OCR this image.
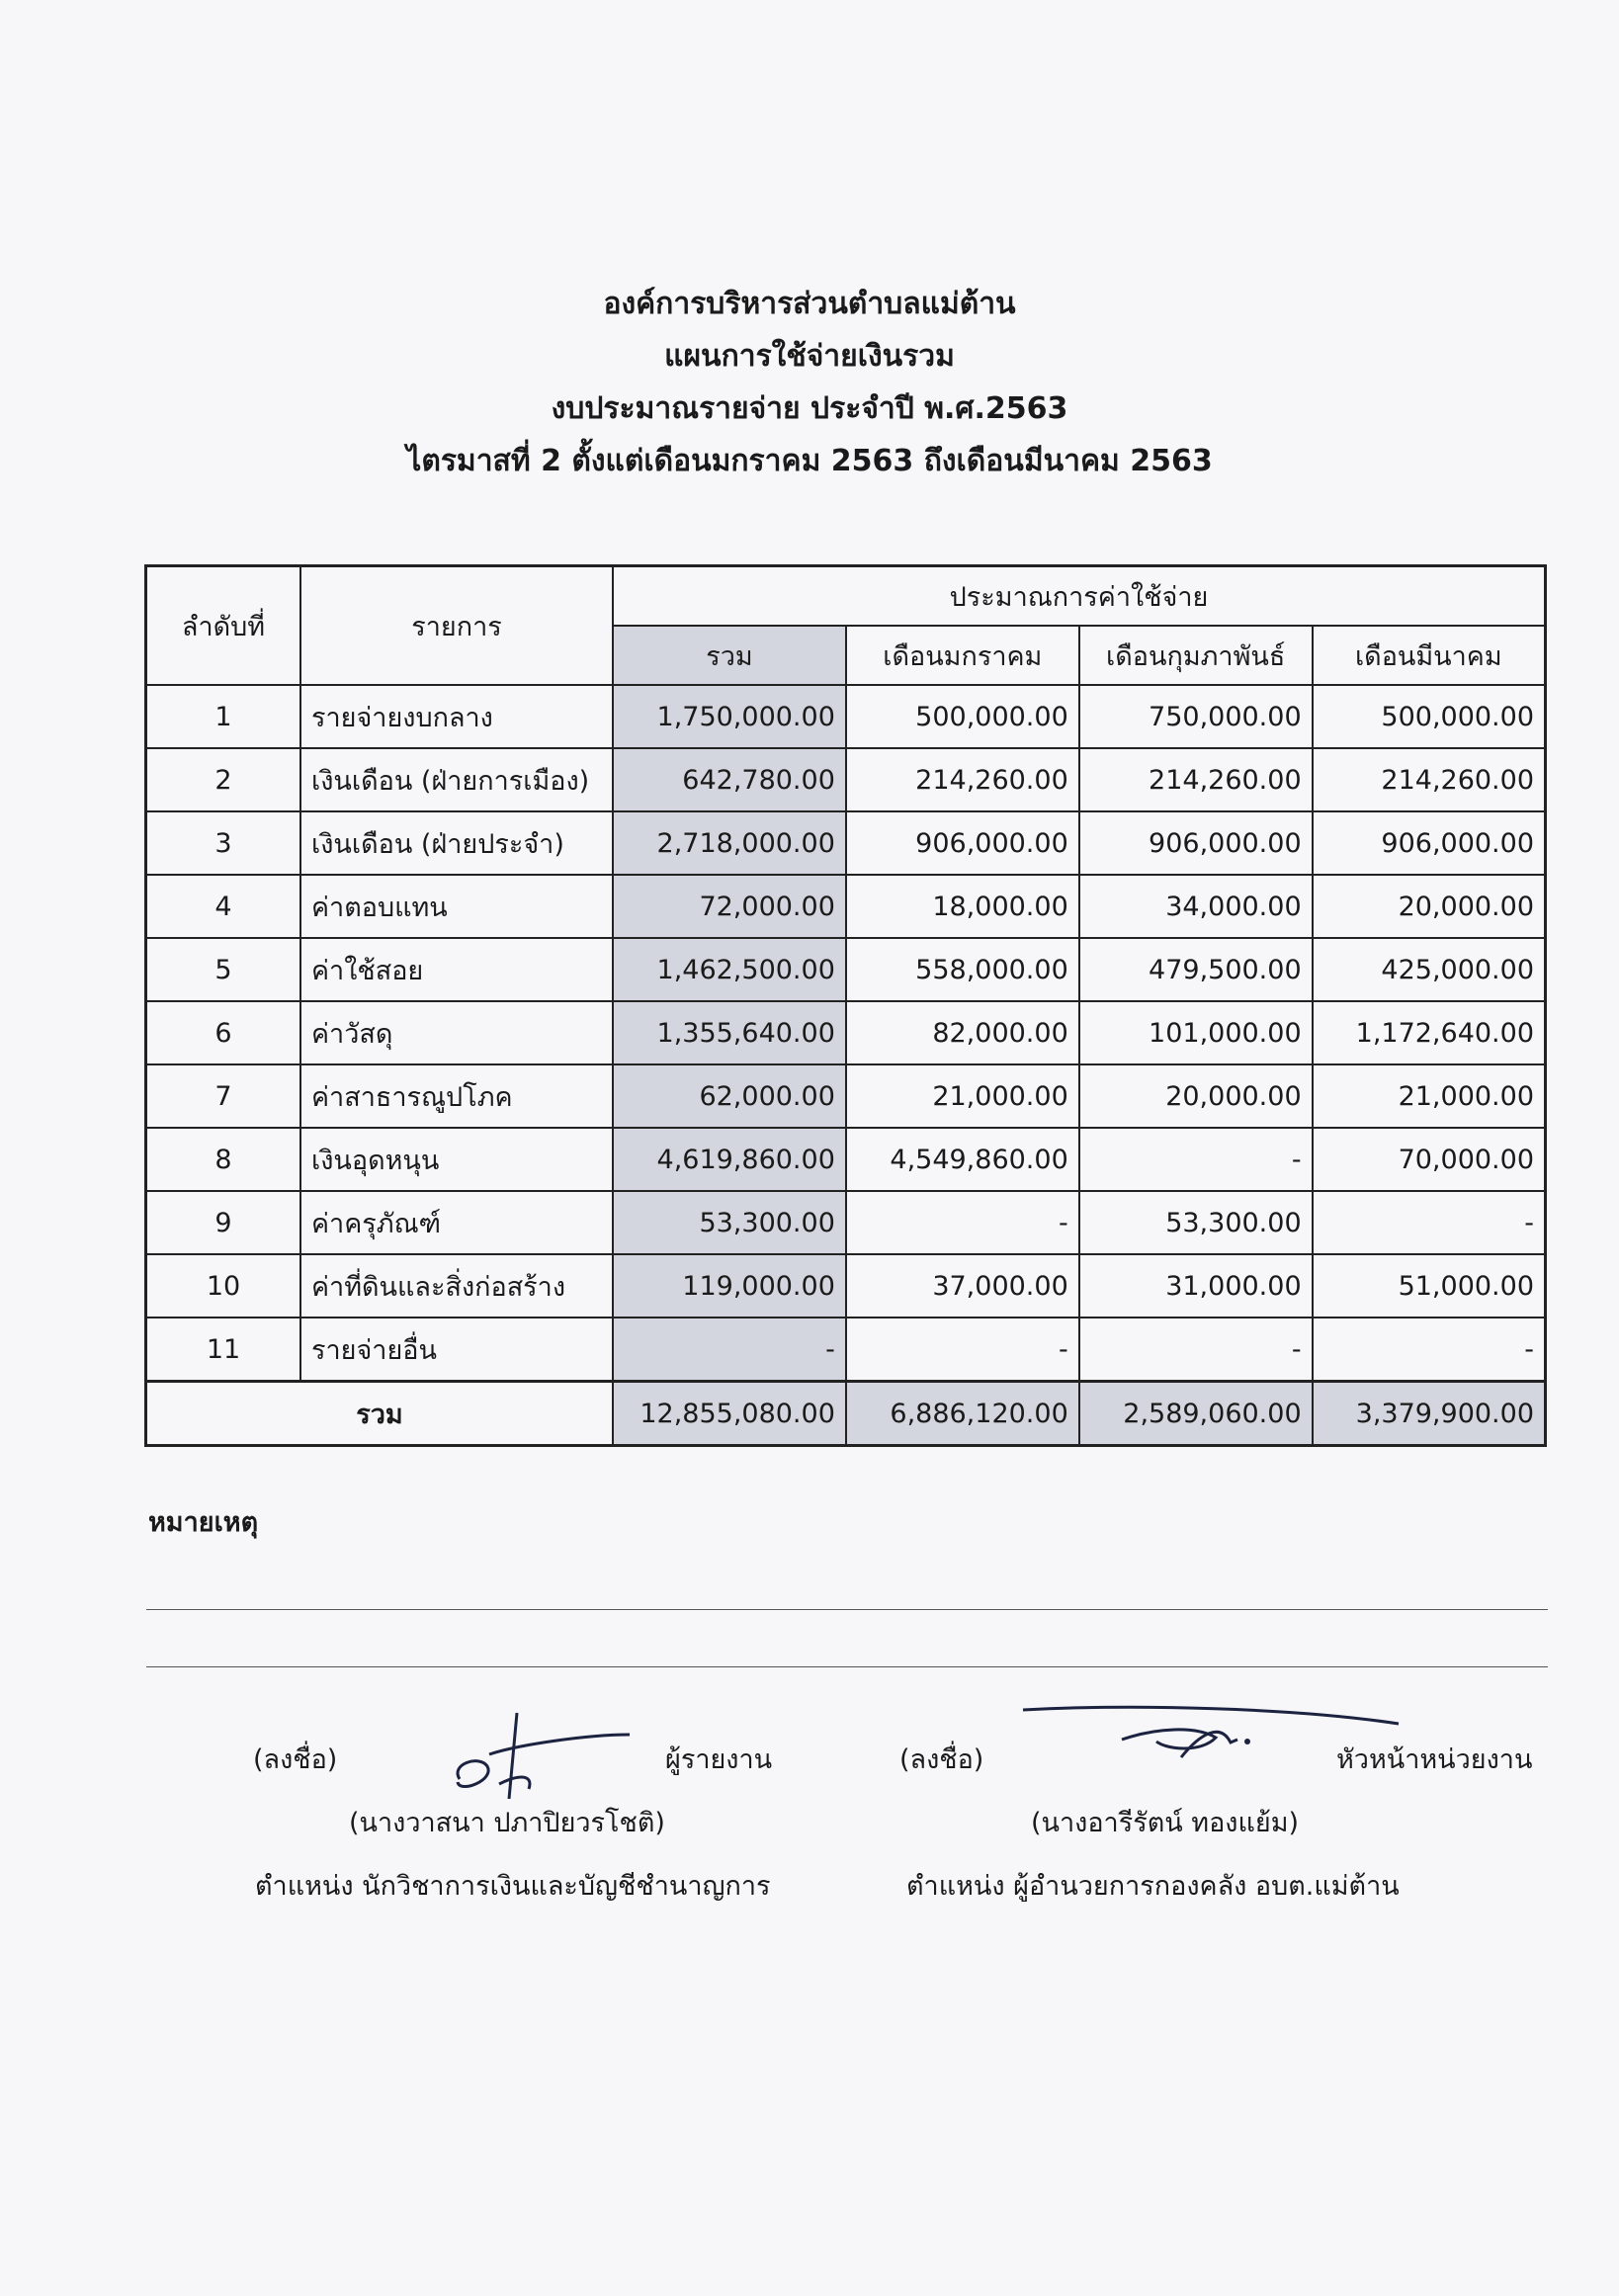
องค์การบริหารส่วนตำบลแม่ต้าน
แผนการใช้จ่ายเงินรวม
งบประมาณรายจ่าย ประจำปี พ.ศ.2563
ไตรมาสที่ 2 ตั้งแต่เดือนมกราคม 2563 ถึงเดือนมีนาคม 2563
ลำดับที่	รายการ	ประมาณการค่าใช้จ่าย			
		รวม	เดือนมกราคม	เดือนกุมภาพันธ์	เดือนมีนาคม
1	รายจ่ายงบกลาง	1,750,000.00	500,000.00	750,000.00	500,000.00
2	เงินเดือน (ฝ่ายการเมือง)	642,780.00	214,260.00	214,260.00	214,260.00
3	เงินเดือน (ฝ่ายประจำ)	2,718,000.00	906,000.00	906,000.00	906,000.00
4	ค่าตอบแทน	72,000.00	18,000.00	34,000.00	20,000.00
5	ค่าใช้สอย	1,462,500.00	558,000.00	479,500.00	425,000.00
6	ค่าวัสดุ	1,355,640.00	82,000.00	101,000.00	1,172,640.00
7	ค่าสาธารณูปโภค	62,000.00	21,000.00	20,000.00	21,000.00
8	เงินอุดหนุน	4,619,860.00	4,549,860.00	-	70,000.00
9	ค่าครุภัณฑ์	53,300.00	-	53,300.00	-
10	ค่าที่ดินและสิ่งก่อสร้าง	119,000.00	37,000.00	31,000.00	51,000.00
11	รายจ่ายอื่น	-	-	-	-
รวม		12,855,080.00	6,886,120.00	2,589,060.00	3,379,900.00
หมายเหตุ
(ลงชื่อ)	ผู้รายงาน
(นางวาสนา ปภาปิยวรโชติ)
ตำแหน่ง นักวิชาการเงินและบัญชีชำนาญการ
(ลงชื่อ)	หัวหน้าหน่วยงาน
(นางอารีรัตน์ ทองแย้ม)
ตำแหน่ง ผู้อำนวยการกองคลัง อบต.แม่ต้าน
